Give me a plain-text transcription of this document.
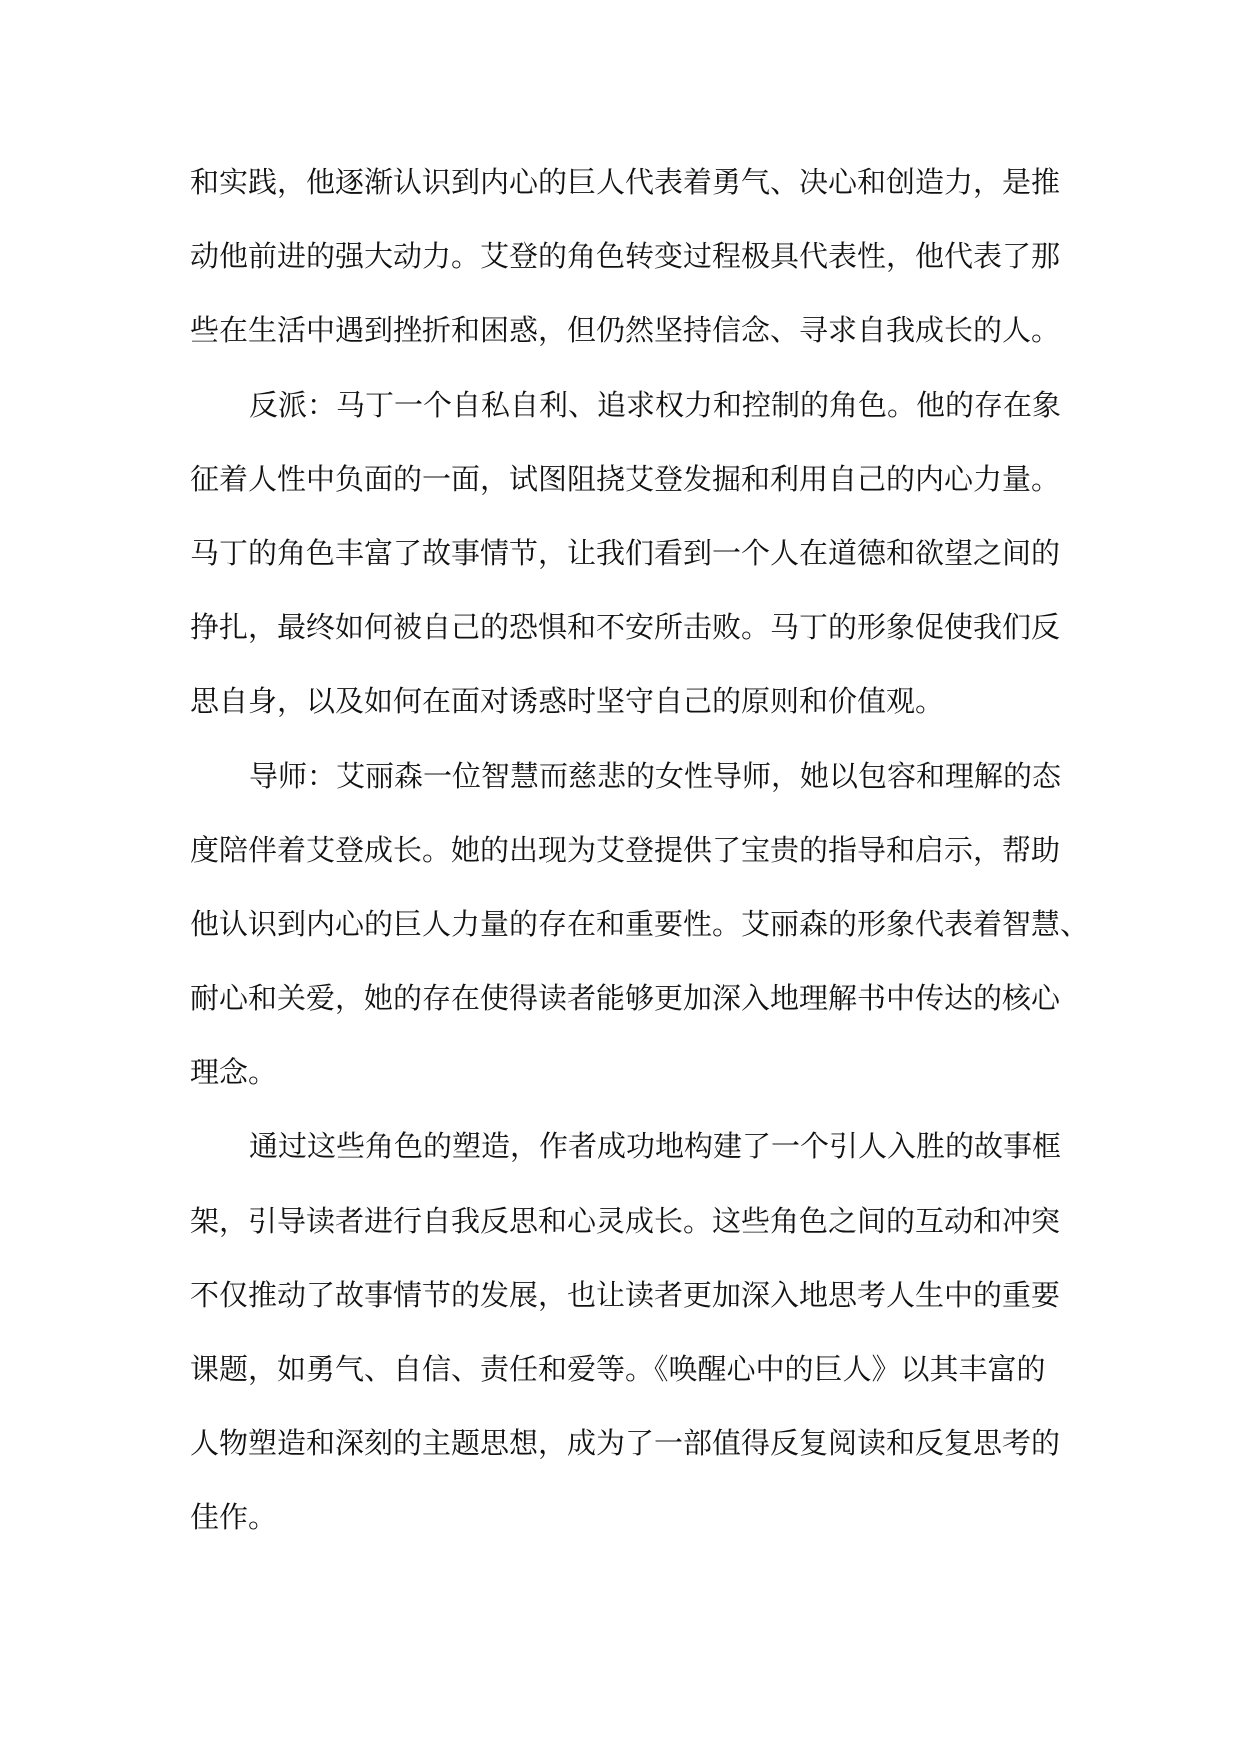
和实践，他逐渐认识到内心的巨人代表着勇气、决心和创造力，是推
动他前进的强大动力。艾登的角色转变过程极具代表性，他代表了那
些在生活中遇到挫折和困惑，但仍然坚持信念、寻求自我成长的人。
反派：马丁一个自私自利、追求权力和控制的角色。他的存在象
征着人性中负面的一面，试图阻挠艾登发掘和利用自己的内心力量。
马丁的角色丰富了故事情节，让我们看到一个人在道德和欲望之间的
挣扎，最终如何被自己的恐惧和不安所击败。马丁的形象促使我们反
思自身，以及如何在面对诱惑时坚守自己的原则和价值观。
导师：艾丽森一位智慧而慈悲的女性导师，她以包容和理解的态
度陪伴着艾登成长。她的出现为艾登提供了宝贵的指导和启示，帮助
他认识到内心的巨人力量的存在和重要性。艾丽森的形象代表着智慧、
耐心和关爱，她的存在使得读者能够更加深入地理解书中传达的核心
理念。
通过这些角色的塑造，作者成功地构建了一个引人入胜的故事框
架，引导读者进行自我反思和心灵成长。这些角色之间的互动和冲突
不仅推动了故事情节的发展，也让读者更加深入地思考人生中的重要
课题，如勇气、自信、责任和爱等。《唤醒心中的巨人》以其丰富的
人物塑造和深刻的主题思想，成为了一部值得反复阅读和反复思考的
佳作。
